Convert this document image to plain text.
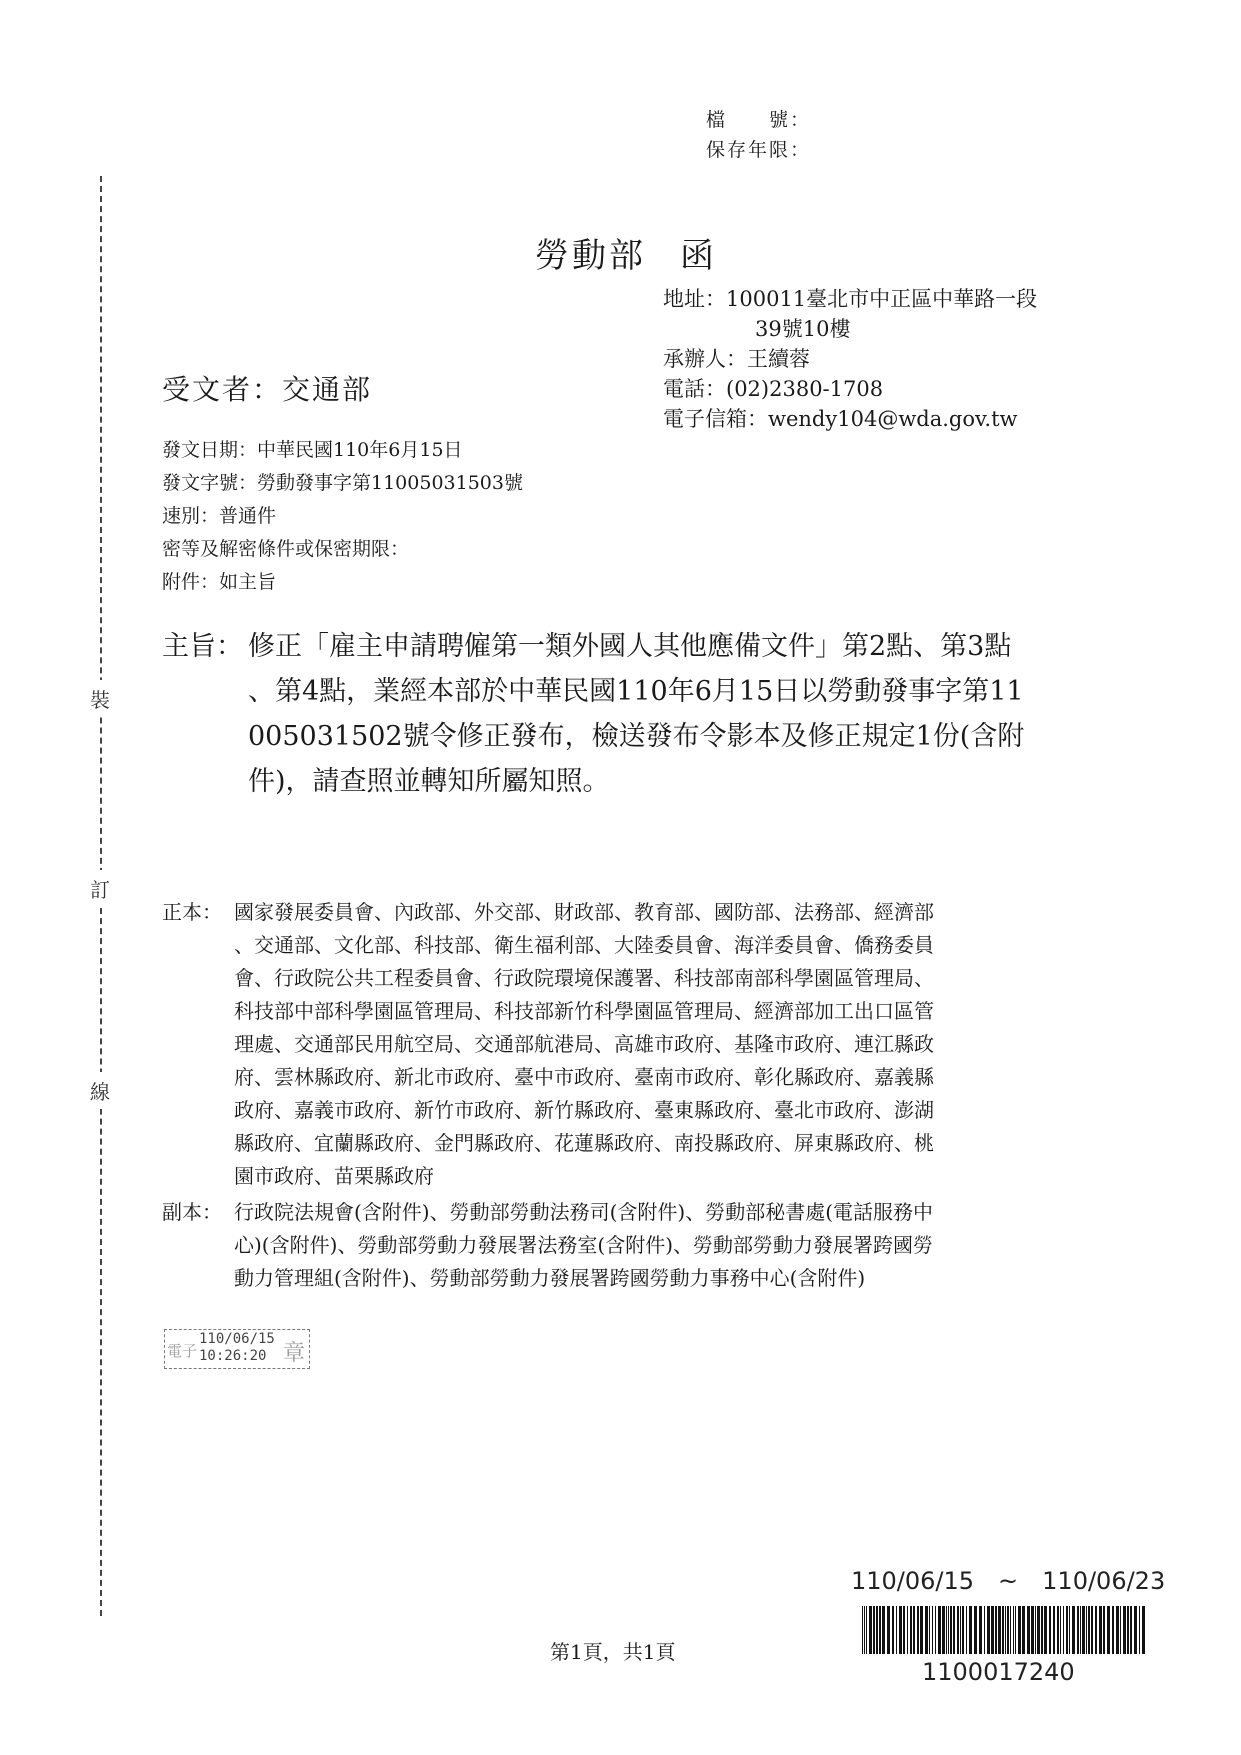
裝
訂
線
檔　　號：
保存年限：
勞動部 函
地址：100011臺北市中正區中華路一段
39號10樓
承辦人：王續蓉
電話：(02)2380-1708
電子信箱：wendy104@wda.gov.tw
受文者：交通部
發文日期：中華民國110年6月15日
發文字號：勞動發事字第11005031503號
速別：普通件
密等及解密條件或保密期限：
附件：如主旨
主旨： 修正「雇主申請聘僱第一類外國人其他應備文件」第2點、第3點
、第4點，業經本部於中華民國110年6月15日以勞動發事字第11
005031502號令修正發布，檢送發布令影本及修正規定1份(含附
件)，請查照並轉知所屬知照。
正本： 國家發展委員會、內政部、外交部、財政部、教育部、國防部、法務部、經濟部
、交通部、文化部、科技部、衛生福利部、大陸委員會、海洋委員會、僑務委員
會、行政院公共工程委員會、行政院環境保護署、科技部南部科學園區管理局、
科技部中部科學園區管理局、科技部新竹科學園區管理局、經濟部加工出口區管
理處、交通部民用航空局、交通部航港局、高雄市政府、基隆市政府、連江縣政
府、雲林縣政府、新北市政府、臺中市政府、臺南市政府、彰化縣政府、嘉義縣
政府、嘉義市政府、新竹市政府、新竹縣政府、臺東縣政府、臺北市政府、澎湖
縣政府、宜蘭縣政府、金門縣政府、花蓮縣政府、南投縣政府、屏東縣政府、桃
園市政府、苗栗縣政府
副本： 行政院法規會(含附件)、勞動部勞動法務司(含附件)、勞動部秘書處(電話服務中
心)(含附件)、勞動部勞動力發展署法務室(含附件)、勞動部勞動力發展署跨國勞
動力管理組(含附件)、勞動部勞動力發展署跨國勞動力事務中心(含附件)
電子
110/06/15
10:26:20 章
110/06/15　~　110/06/23
第1頁，共1頁
1100017240
